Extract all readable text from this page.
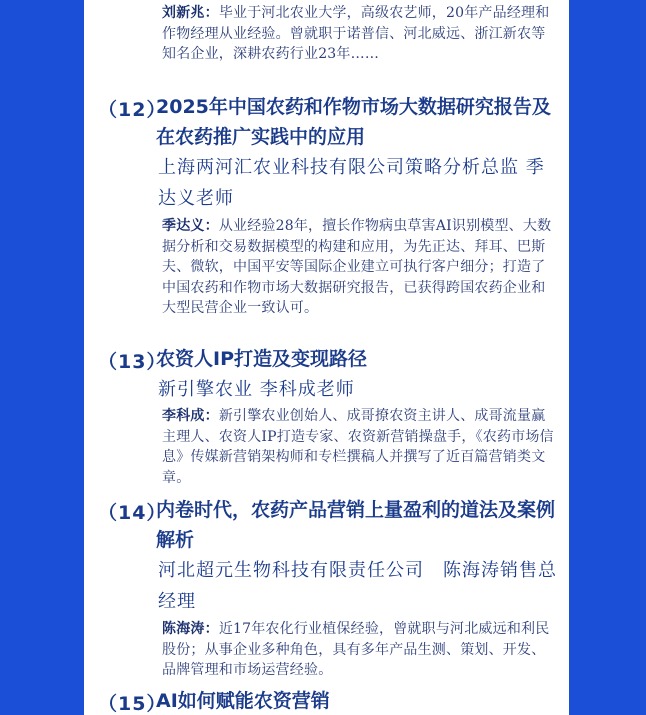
刘新兆：毕业于河北农业大学，高级农艺师，20年产品经理和作物经理从业经验。曾就职于诺普信、河北威远、浙江新农等知名企业，深耕农药行业23年……

（12）

2025年中国农药和作物市场大数据研究报告及在农药推广实践中的应用

上海两河汇农业科技有限公司策略分析总监 季达义老师

季达义：从业经验28年，擅长作物病虫草害AI识别模型、大数据分析和交易数据模型的构建和应用，为先正达、拜耳、巴斯夫、微软，中国平安等国际企业建立可执行客户细分；打造了中国农药和作物市场大数据研究报告，已获得跨国农药企业和大型民营企业一致认可。

（13）

农资人IP打造及变现路径

新引擎农业 李科成老师

李科成：新引擎农业创始人、成哥撩农资主讲人、成哥流量赢主理人、农资人IP打造专家、农资新营销操盘手，《农药市场信息》传媒新营销架构师和专栏撰稿人并撰写了近百篇营销类文章。

（14）

内卷时代，农药产品营销上量盈利的道法及案例解析

河北超元生物科技有限责任公司　陈海涛销售总经理

陈海涛：近17年农化行业植保经验，曾就职与河北威远和利民股份；从事企业多种角色，具有多年产品生测、策划、开发、品牌管理和市场运营经验。

（15）

AI如何赋能农资营销
